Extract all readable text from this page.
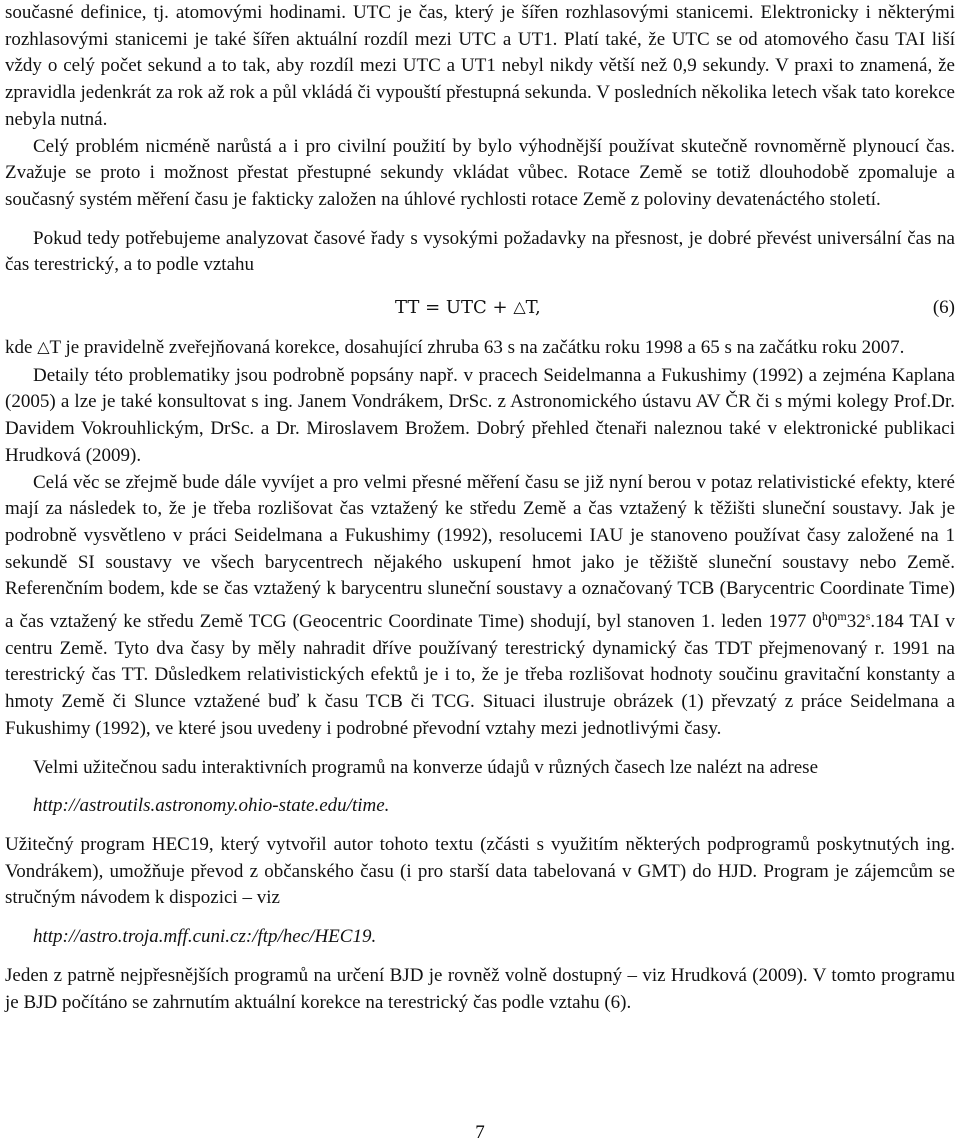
současné definice, tj. atomovými hodinami. UTC je čas, který je šířen rozhlasovými stanicemi. Elektronicky i některými rozhlasovými stanicemi je také šířen aktuální rozdíl mezi UTC a UT1. Platí také, že UTC se od atomového času TAI liší vždy o celý počet sekund a to tak, aby rozdíl mezi UTC a UT1 nebyl nikdy větší než 0,9 sekundy. V praxi to znamená, že zpravidla jedenkrát za rok až rok a půl vkládá či vypouští přestupná sekunda. V posledních několika letech však tato korekce nebyla nutná.

Celý problém nicméně narůstá a i pro civilní použití by bylo výhodnější používat skutečně rovnoměrně plynoucí čas. Zvažuje se proto i možnost přestat přestupné sekundy vkládat vůbec. Rotace Země se totiž dlouhodobě zpomaluje a současný systém měření času je fakticky založen na úhlové rychlosti rotace Země z poloviny devatenáctého století.

Pokud tedy potřebujeme analyzovat časové řady s vysokými požadavky na přesnost, je dobré převést universální čas na čas terestrický, a to podle vztahu

TT = UTC + △T,	(6)

kde △T je pravidelně zveřejňovaná korekce, dosahující zhruba 63 s na začátku roku 1998 a 65 s na začátku roku 2007.

Detaily této problematiky jsou podrobně popsány např. v pracech Seidelmanna a Fukushimy (1992) a zejména Kaplana (2005) a lze je také konsultovat s ing. Janem Vondrákem, DrSc. z Astronomického ústavu AV ČR či s mými kolegy Prof.Dr. Davidem Vokrouhlickým, DrSc. a Dr. Miroslavem Brožem. Dobrý přehled čtenaři naleznou také v elektronické publikaci Hrudková (2009).

Celá věc se zřejmě bude dále vyvíjet a pro velmi přesné měření času se již nyní berou v potaz relativistické efekty, které mají za následek to, že je třeba rozlišovat čas vztažený ke středu Země a čas vztažený k těžišti sluneční soustavy. Jak je podrobně vysvětleno v práci Seidelmana a Fukushimy (1992), resolucemi IAU je stanoveno používat časy založené na 1 sekundě SI soustavy ve všech barycentrech nějakého uskupení hmot jako je těžiště sluneční soustavy nebo Země. Referenčním bodem, kde se čas vztažený k barycentru sluneční soustavy a označovaný TCB (Barycentric Coordinate Time) a čas vztažený ke středu Země TCG (Geocentric Coordinate Time) shodují, byl stanoven 1. leden 1977 0$^h$0$^m$32$^s$.184 TAI v centru Země. Tyto dva časy by měly nahradit dříve používaný terestrický dynamický čas TDT přejmenovaný r. 1991 na terestrický čas TT. Důsledkem relativistických efektů je i to, že je třeba rozlišovat hodnoty součinu gravitační konstanty a hmoty Země či Slunce vztažené buď k času TCB či TCG. Situaci ilustruje obrázek (1) převzatý z práce Seidelmana a Fukushimy (1992), ve které jsou uvedeny i podrobné převodní vztahy mezi jednotlivými časy.

Velmi užitečnou sadu interaktivních programů na konverze údajů v různých časech lze nalézt na adrese

http://astroutils.astronomy.ohio-state.edu/time.

Užitečný program HEC19, který vytvořil autor tohoto textu (zčásti s využitím některých podprogramů poskytnutých ing. Vondrákem), umožňuje převod z občanského času (i pro starší data tabelovaná v GMT) do HJD. Program je zájemcům se stručným návodem k dispozici – viz

http://astro.troja.mff.cuni.cz:/ftp/hec/HEC19.

Jeden z patrně nejpřesnějších programů na určení BJD je rovněž volně dostupný – viz Hrudková (2009). V tomto programu je BJD počítáno se zahrnutím aktuální korekce na terestrický čas podle vztahu (6).

7
